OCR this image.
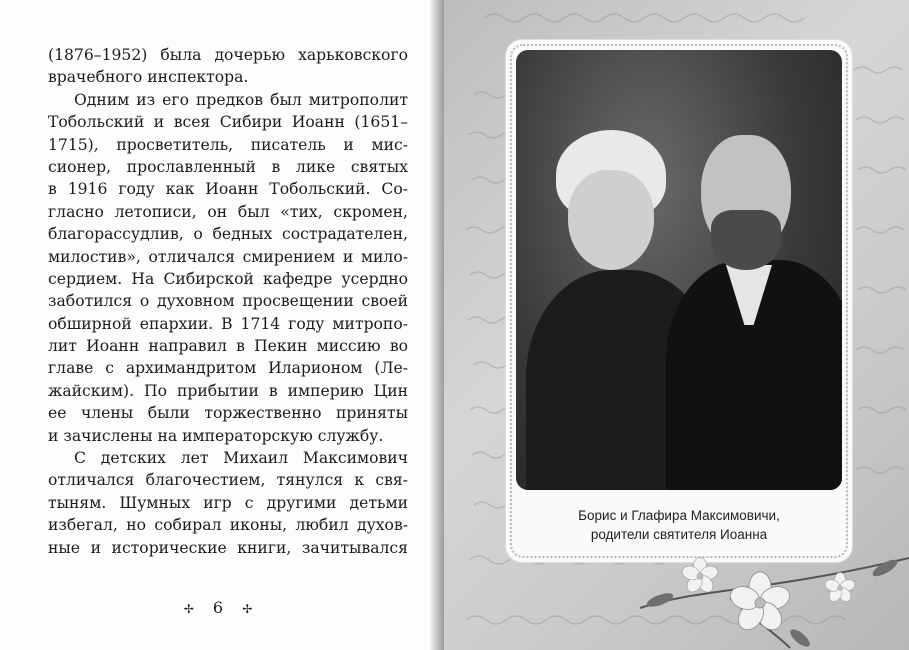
(1876–1952) была дочерью харьковского
врачебного инспектора.
Одним из его предков был митрополит
Тобольский и всея Сибири Иоанн (1651–
1715), просветитель, писатель и мис-
сионер, прославленный в лике святых
в 1916 году как Иоанн Тобольский. Со-
гласно летописи, он был «тих, скромен,
благорассудлив, о бедных сострадателен,
милостив», отличался смирением и мило-
сердием. На Сибирской кафедре усердно
заботился о духовном просвещении своей
обширной епархии. В 1714 году митропо-
лит Иоанн направил в Пекин миссию во
главе с архимандритом Иларионом (Ле-
жайским). По прибытии в империю Цин
ее члены были торжественно приняты
и зачислены на императорскую службу.
С детских лет Михаил Максимович
отличался благочестием, тянулся к свя-
тыням. Шумных игр с другими детьми
избегал, но собирал иконы, любил духов-
ные и исторические книги, зачитывался
✢ 6 ✢
Борис и Глафира Максимовичи,
родители святителя Иоанна
